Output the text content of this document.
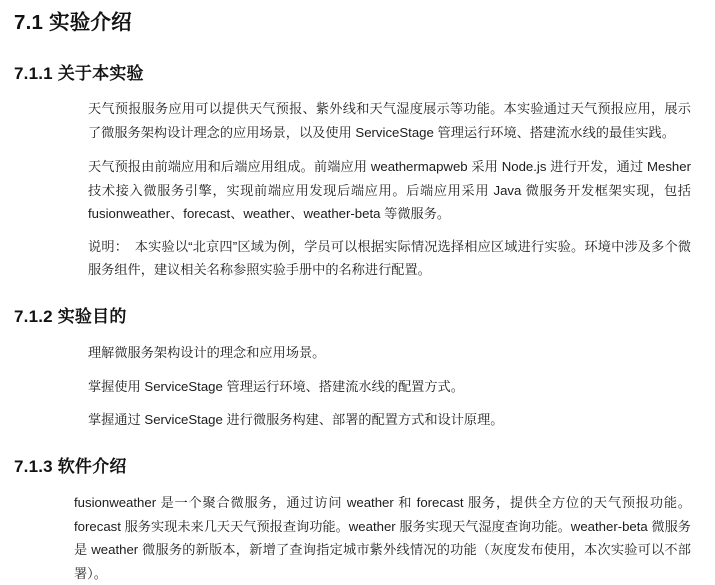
7.1 实验介绍
7.1.1 关于本实验

天气预报服务应用可以提供天气预报、紫外线和天气湿度展示等功能。本实验通过天气预报应用，展示了微服务架构设计理念的应用场景，以及使用 ServiceStage 管理运行环境、搭建流水线的最佳实践。

天气预报由前端应用和后端应用组成。前端应用 weathermapweb 采用 Node.js 进行开发，通过 Mesher 技术接入微服务引擎，实现前端应用发现后端应用。后端应用采用 Java 微服务开发框架实现，包括 fusionweather、forecast、weather、weather-beta 等微服务。

说明：　本实验以“北京四”区域为例，学员可以根据实际情况选择相应区域进行实验。环境中涉及多个微服务组件，建议相关名称参照实验手册中的名称进行配置。

7.1.2 实验目的

理解微服务架构设计的理念和应用场景。

掌握使用 ServiceStage 管理运行环境、搭建流水线的配置方式。

掌握通过 ServiceStage 进行微服务构建、部署的配置方式和设计原理。

7.1.3 软件介绍

fusionweather 是一个聚合微服务，通过访问 weather 和 forecast 服务，提供全方位的天气预报功能。forecast 服务实现未来几天天气预报查询功能。weather 服务实现天气湿度查询功能。weather-beta 微服务是 weather 微服务的新版本，新增了查询指定城市紫外线情况的功能（灰度发布使用，本次实验可以不部署）。
